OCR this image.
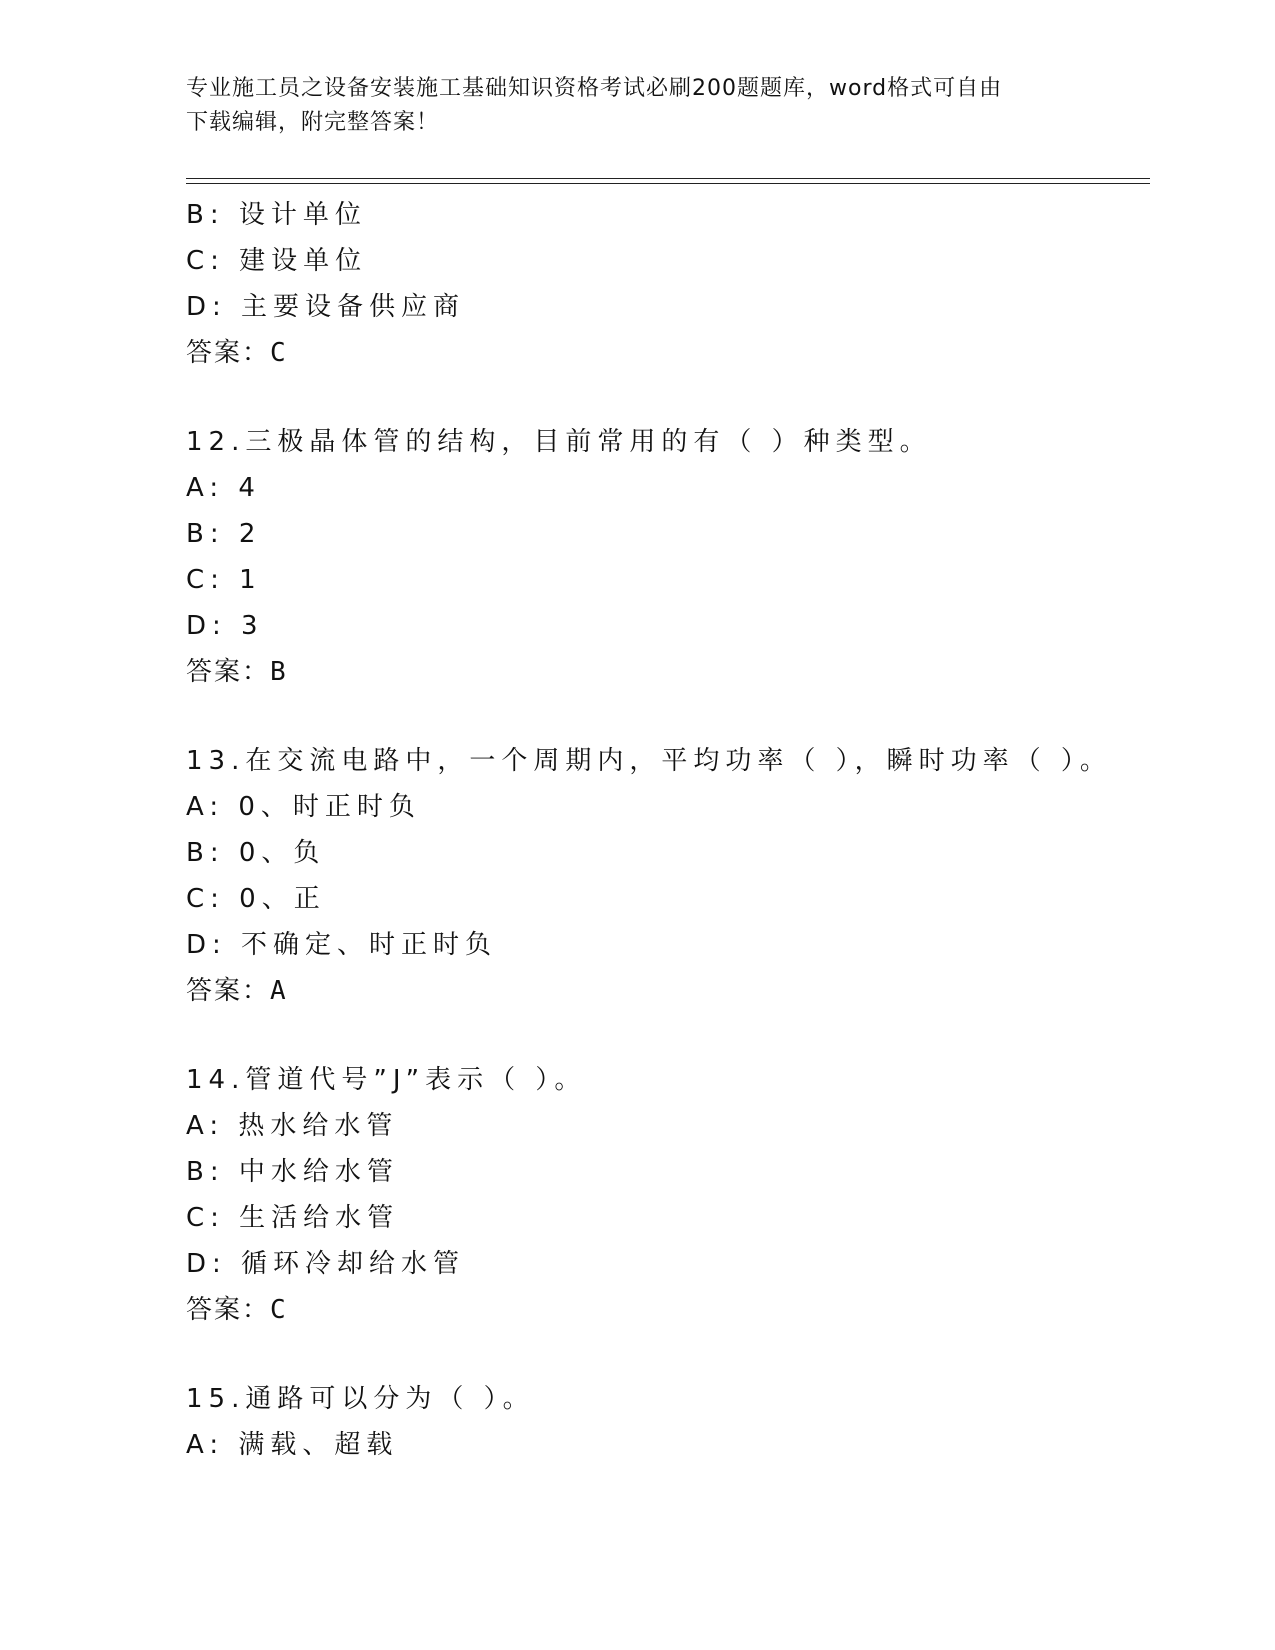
专业施工员之设备安装施工基础知识资格考试必刷200题题库，word格式可自由
下载编辑，附完整答案！
B: 设计单位
C: 建设单位
D: 主要设备供应商
答案：C
12.三极晶体管的结构，目前常用的有（ ）种类型。
A: 4
B: 2
C: 1
D: 3
答案：B
13.在交流电路中，一个周期内，平均功率（ ），瞬时功率（ ）。
A: 0、时正时负
B: 0、负
C: 0、正
D: 不确定、时正时负
答案：A
14.管道代号”J”表示（ ）。
A: 热水给水管
B: 中水给水管
C: 生活给水管
D: 循环冷却给水管
答案：C
15.通路可以分为（ ）。
A: 满载、超载
